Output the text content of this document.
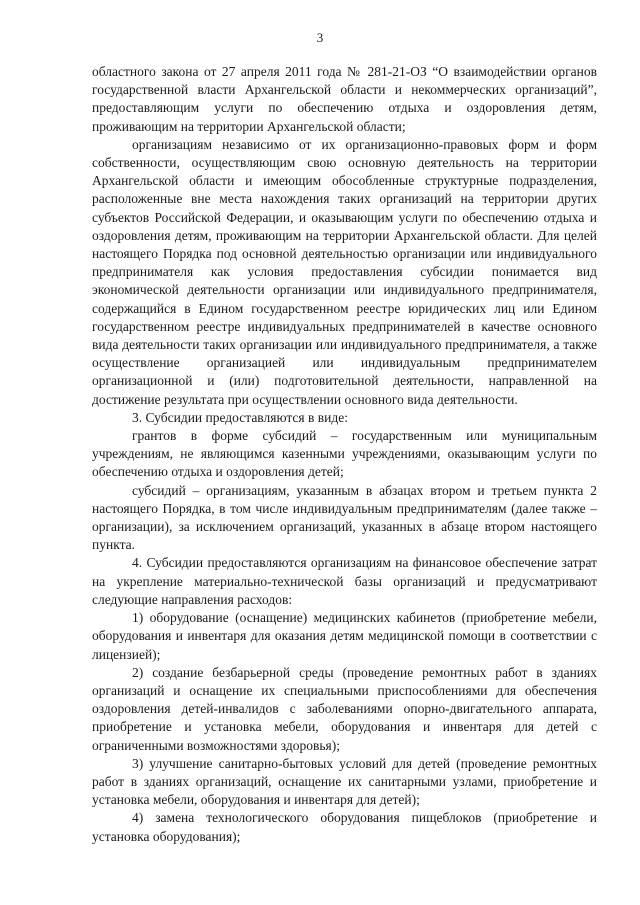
3

областного закона от 27 апреля 2011 года № 281-21-ОЗ “О взаимодействии органов государственной власти Архангельской области и некоммерческих организаций”, предоставляющим услуги по обеспечению отдыха и оздоровления детям, проживающим на территории Архангельской области;

организациям независимо от их организационно-правовых форм и форм собственности, осуществляющим свою основную деятельность на территории Архангельской области и имеющим обособленные структурные подразделения, расположенные вне места нахождения таких организаций на территории других субъектов Российской Федерации, и оказывающим услуги по обеспечению отдыха и оздоровления детям, проживающим на территории Архангельской области. Для целей настоящего Порядка под основной деятельностью организации или индивидуального предпринимателя как условия предоставления субсидии понимается вид экономической деятельности организации или индивидуального предпринимателя, содержащийся в Едином государственном реестре юридических лиц или Едином государственном реестре индивидуальных предпринимателей в качестве основного вида деятельности таких организации или индивидуального предпринимателя, а также осуществление организацией или индивидуальным предпринимателем организационной и (или) подготовительной деятельности, направленной на достижение результата при осуществлении основного вида деятельности.

3. Субсидии предоставляются в виде:

грантов в форме субсидий – государственным или муниципальным учреждениям, не являющимся казенными учреждениями, оказывающим услуги по обеспечению отдыха и оздоровления детей;

субсидий – организациям, указанным в абзацах втором и третьем пункта 2 настоящего Порядка, в том числе индивидуальным предпринимателям (далее также – организации), за исключением организаций, указанных в абзаце втором настоящего пункта.

4. Субсидии предоставляются организациям на финансовое обеспечение затрат на укрепление материально-технической базы организаций и предусматривают следующие направления расходов:

1) оборудование (оснащение) медицинских кабинетов (приобретение мебели, оборудования и инвентаря для оказания детям медицинской помощи в соответствии с лицензией);

2) создание безбарьерной среды (проведение ремонтных работ в зданиях организаций и оснащение их специальными приспособлениями для обеспечения оздоровления детей-инвалидов с заболеваниями опорно-двигательного аппарата, приобретение и установка мебели, оборудования и инвентаря для детей с ограниченными возможностями здоровья);

3) улучшение санитарно-бытовых условий для детей (проведение ремонтных работ в зданиях организаций, оснащение их санитарными узлами, приобретение и установка мебели, оборудования и инвентаря для детей);

4) замена технологического оборудования пищеблоков (приобретение и установка оборудования);
